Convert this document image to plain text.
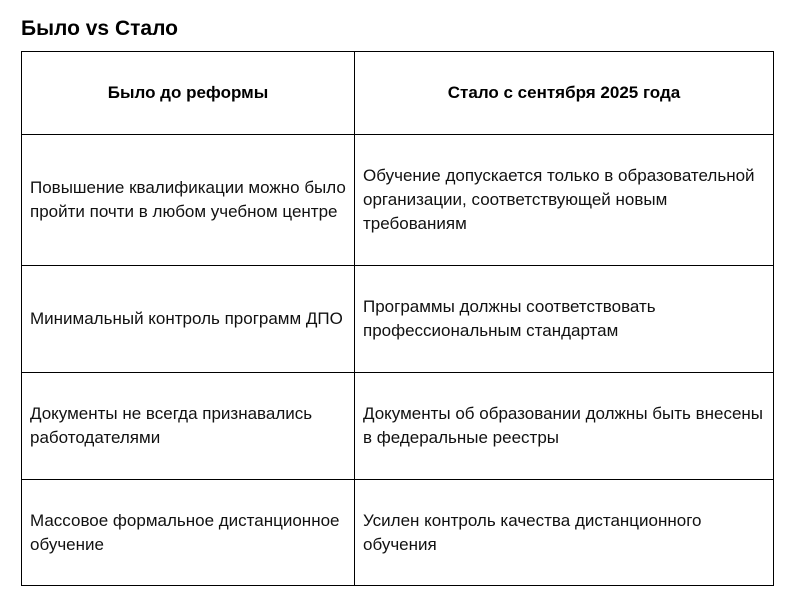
Было vs Стало
Было до реформы	Стало с сентября 2025 года
Повышение квалификации можно было пройти почти в любом учебном центре	Обучение допускается только в образовательной организации, соответствующей новым требованиям
Минимальный контроль программ ДПО	Программы должны соответствовать профессиональным стандартам
Документы не всегда признавались работодателями	Документы об образовании должны быть внесены в федеральные реестры
Массовое формальное дистанционное обучение	Усилен контроль качества дистанционного обучения
